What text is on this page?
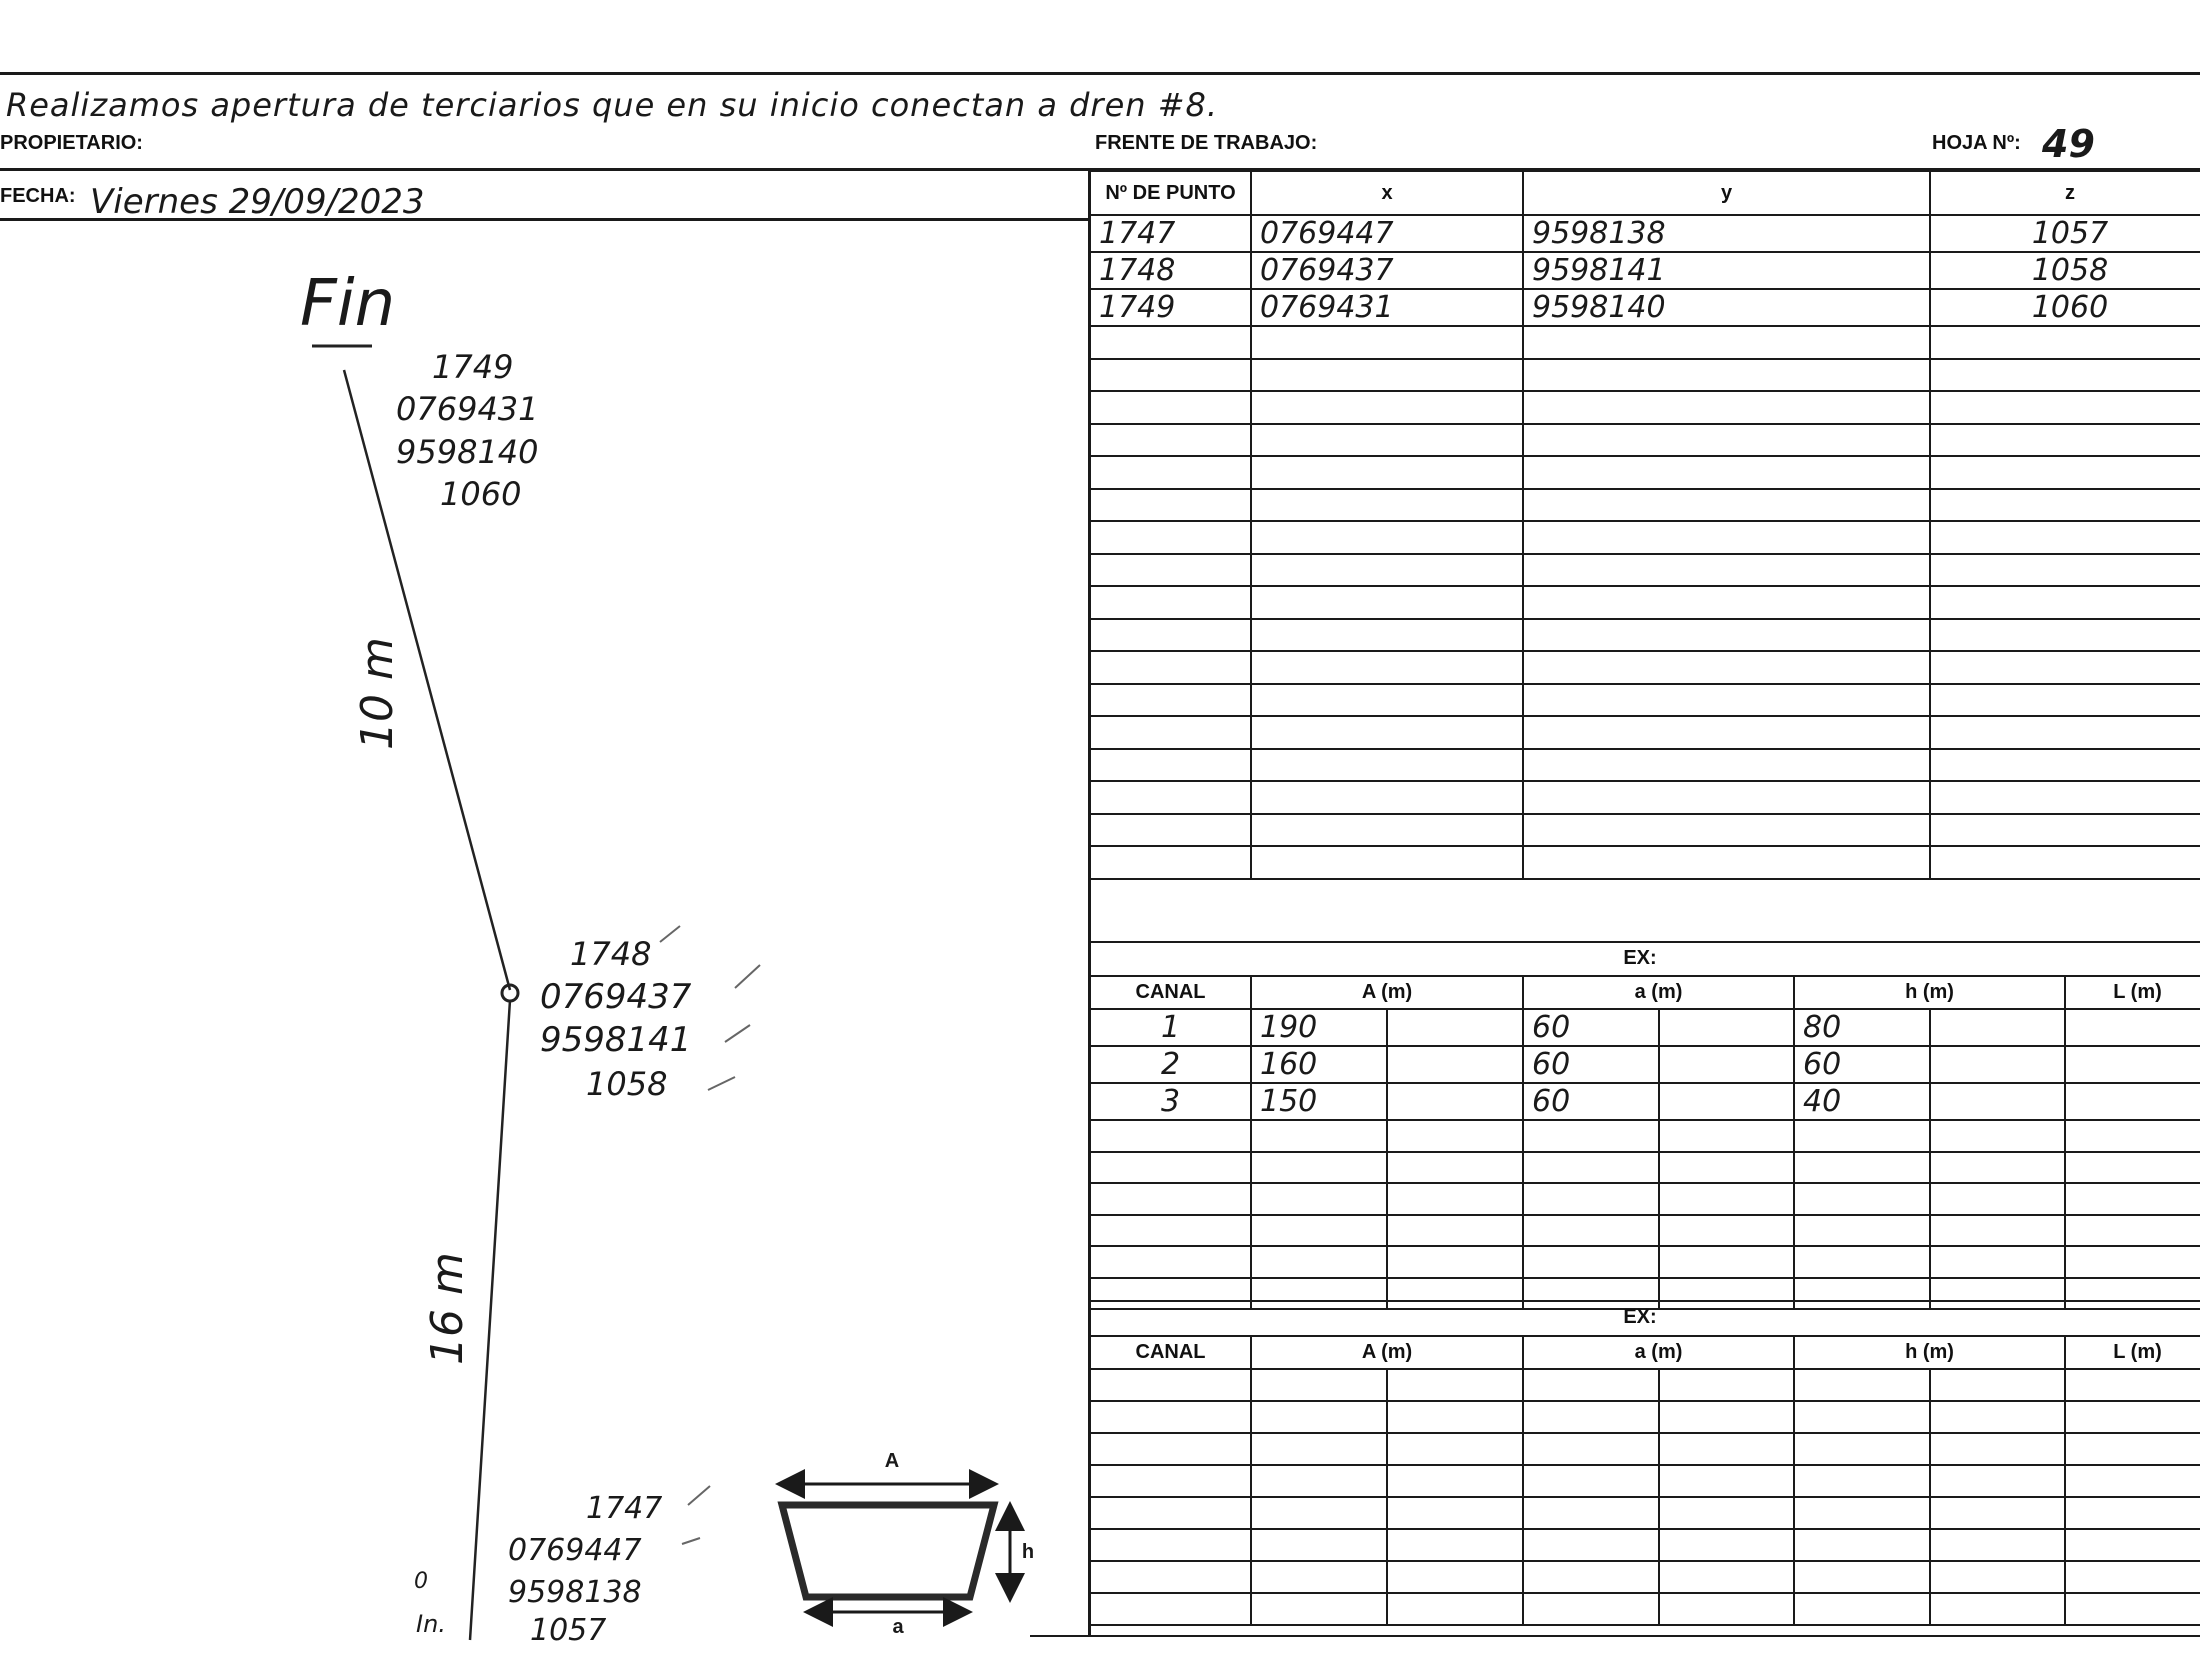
Realizamos apertura de terciarios que en su inicio conectan a dren #8.
PROPIETARIO:	FRENTE DE TRABAJO:	HOJA Nº: 49
FECHA: Viernes 29/09/2023	Nº DE PUNTO	x	y	z
1747	0769447	9598138	1057
1748	0769437	9598141	1058
1749	0769431	9598140	1060

EX:
CANAL	A (m)		a (m)		h (m)		L (m)
1	190		60		80		
2	160		60		60		
3	150		60		40		

EX:
CANAL	A (m)		a (m)		h (m)		L (m)

Fin
1749
0769431
9598140
1060
10 m
1748
0769437
9598141
1058
16 m
1747
0769447
9598138
1057
0
In.
A
h
a
